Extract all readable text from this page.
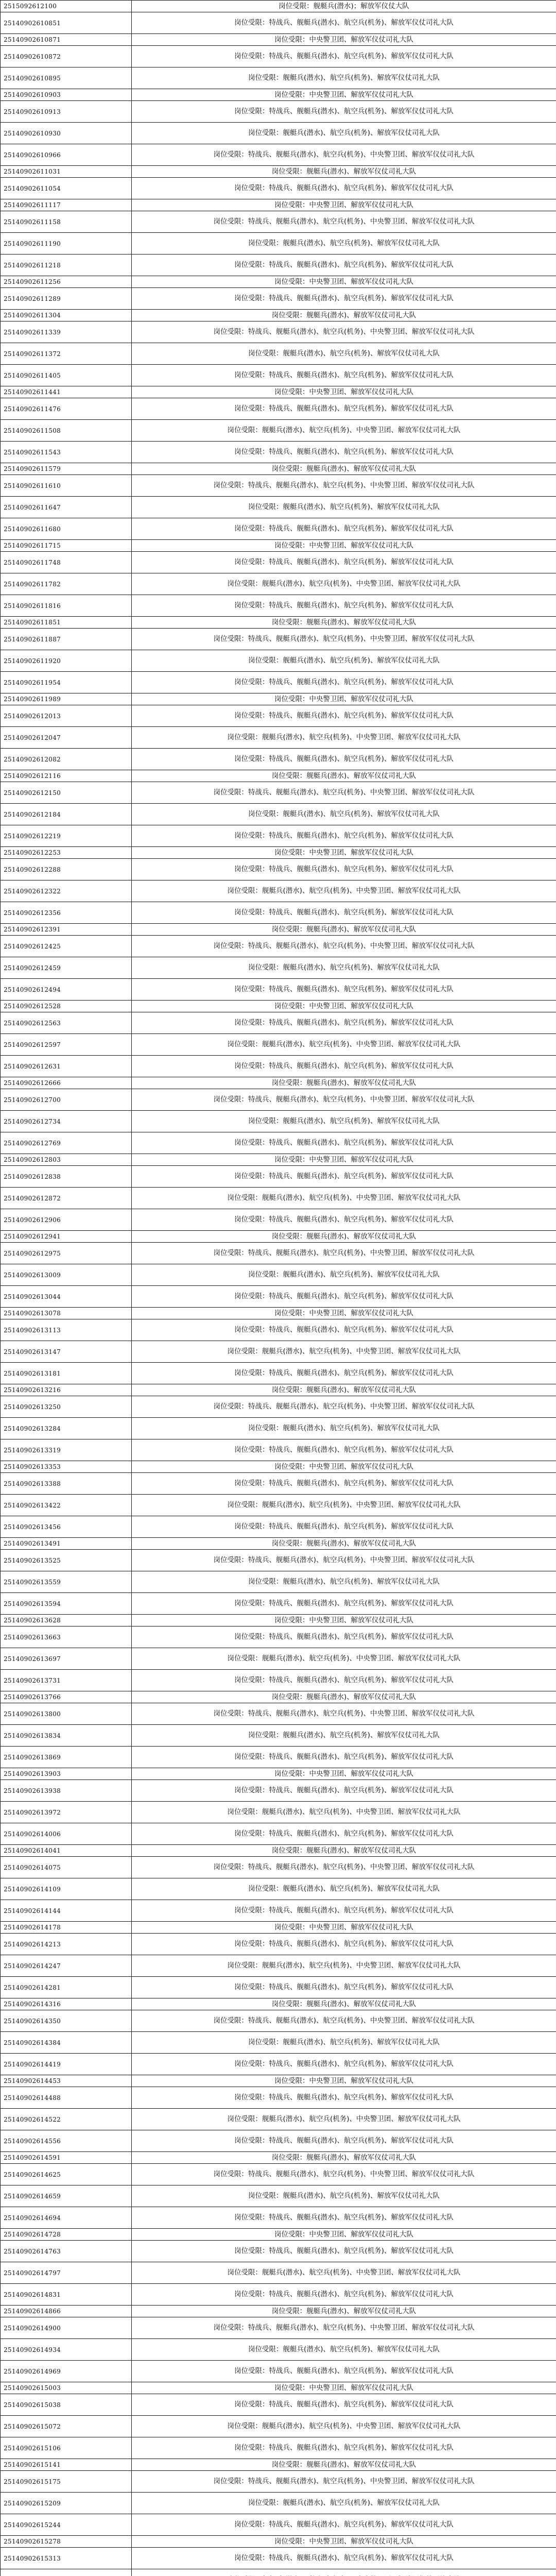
2515092612100	岗位受限：舰艇兵(潜水)；解放军仪仗大队
25140902610851	岗位受限：特战兵、舰艇兵(潜水)、航空兵(机务)、解放军仪仗司礼大队
25140902610871	岗位受限：中央警卫团、解放军仪仗司礼大队
25140902610872	岗位受限：特战兵、舰艇兵(潜水)、航空兵(机务)、解放军仪仗司礼大队
25140902610895	岗位受限：舰艇兵(潜水)、航空兵(机务)、解放军仪仗司礼大队
25140902610903	岗位受限：中央警卫团、解放军仪仗司礼大队
25140902610913	岗位受限：特战兵、舰艇兵(潜水)、航空兵(机务)、解放军仪仗司礼大队
25140902610930	岗位受限：舰艇兵(潜水)、航空兵(机务)、解放军仪仗司礼大队
25140902610966	岗位受限：特战兵、舰艇兵(潜水)、航空兵(机务)、中央警卫团、解放军仪仗司礼大队
25140902611031	岗位受限：舰艇兵(潜水)、解放军仪仗司礼大队
25140902611054	岗位受限：特战兵、舰艇兵(潜水)、航空兵(机务)、解放军仪仗司礼大队
25140902611117	岗位受限：中央警卫团、解放军仪仗司礼大队
25140902611158	岗位受限：特战兵、舰艇兵(潜水)、航空兵(机务)、中央警卫团、解放军仪仗司礼大队
25140902611190	岗位受限：舰艇兵(潜水)、航空兵(机务)、解放军仪仗司礼大队
25140902611218	岗位受限：特战兵、舰艇兵(潜水)、航空兵(机务)、解放军仪仗司礼大队
25140902611256	岗位受限：中央警卫团、解放军仪仗司礼大队
25140902611289	岗位受限：特战兵、舰艇兵(潜水)、航空兵(机务)、解放军仪仗司礼大队
25140902611304	岗位受限：舰艇兵(潜水)、解放军仪仗司礼大队
25140902611339	岗位受限：特战兵、舰艇兵(潜水)、航空兵(机务)、中央警卫团、解放军仪仗司礼大队
25140902611372	岗位受限：舰艇兵(潜水)、航空兵(机务)、解放军仪仗司礼大队
25140902611405	岗位受限：特战兵、舰艇兵(潜水)、航空兵(机务)、解放军仪仗司礼大队
25140902611441	岗位受限：中央警卫团、解放军仪仗司礼大队
25140902611476	岗位受限：特战兵、舰艇兵(潜水)、航空兵(机务)、解放军仪仗司礼大队
25140902611508	岗位受限：舰艇兵(潜水)、航空兵(机务)、中央警卫团、解放军仪仗司礼大队
25140902611543	岗位受限：特战兵、舰艇兵(潜水)、航空兵(机务)、解放军仪仗司礼大队
25140902611579	岗位受限：舰艇兵(潜水)、解放军仪仗司礼大队
25140902611610	岗位受限：特战兵、舰艇兵(潜水)、航空兵(机务)、中央警卫团、解放军仪仗司礼大队
25140902611647	岗位受限：舰艇兵(潜水)、航空兵(机务)、解放军仪仗司礼大队
25140902611680	岗位受限：特战兵、舰艇兵(潜水)、航空兵(机务)、解放军仪仗司礼大队
25140902611715	岗位受限：中央警卫团、解放军仪仗司礼大队
25140902611748	岗位受限：特战兵、舰艇兵(潜水)、航空兵(机务)、解放军仪仗司礼大队
25140902611782	岗位受限：舰艇兵(潜水)、航空兵(机务)、中央警卫团、解放军仪仗司礼大队
25140902611816	岗位受限：特战兵、舰艇兵(潜水)、航空兵(机务)、解放军仪仗司礼大队
25140902611851	岗位受限：舰艇兵(潜水)、解放军仪仗司礼大队
25140902611887	岗位受限：特战兵、舰艇兵(潜水)、航空兵(机务)、中央警卫团、解放军仪仗司礼大队
25140902611920	岗位受限：舰艇兵(潜水)、航空兵(机务)、解放军仪仗司礼大队
25140902611954	岗位受限：特战兵、舰艇兵(潜水)、航空兵(机务)、解放军仪仗司礼大队
25140902611989	岗位受限：中央警卫团、解放军仪仗司礼大队
25140902612013	岗位受限：特战兵、舰艇兵(潜水)、航空兵(机务)、解放军仪仗司礼大队
25140902612047	岗位受限：舰艇兵(潜水)、航空兵(机务)、中央警卫团、解放军仪仗司礼大队
25140902612082	岗位受限：特战兵、舰艇兵(潜水)、航空兵(机务)、解放军仪仗司礼大队
25140902612116	岗位受限：舰艇兵(潜水)、解放军仪仗司礼大队
25140902612150	岗位受限：特战兵、舰艇兵(潜水)、航空兵(机务)、中央警卫团、解放军仪仗司礼大队
25140902612184	岗位受限：舰艇兵(潜水)、航空兵(机务)、解放军仪仗司礼大队
25140902612219	岗位受限：特战兵、舰艇兵(潜水)、航空兵(机务)、解放军仪仗司礼大队
25140902612253	岗位受限：中央警卫团、解放军仪仗司礼大队
25140902612288	岗位受限：特战兵、舰艇兵(潜水)、航空兵(机务)、解放军仪仗司礼大队
25140902612322	岗位受限：舰艇兵(潜水)、航空兵(机务)、中央警卫团、解放军仪仗司礼大队
25140902612356	岗位受限：特战兵、舰艇兵(潜水)、航空兵(机务)、解放军仪仗司礼大队
25140902612391	岗位受限：舰艇兵(潜水)、解放军仪仗司礼大队
25140902612425	岗位受限：特战兵、舰艇兵(潜水)、航空兵(机务)、中央警卫团、解放军仪仗司礼大队
25140902612459	岗位受限：舰艇兵(潜水)、航空兵(机务)、解放军仪仗司礼大队
25140902612494	岗位受限：特战兵、舰艇兵(潜水)、航空兵(机务)、解放军仪仗司礼大队
25140902612528	岗位受限：中央警卫团、解放军仪仗司礼大队
25140902612563	岗位受限：特战兵、舰艇兵(潜水)、航空兵(机务)、解放军仪仗司礼大队
25140902612597	岗位受限：舰艇兵(潜水)、航空兵(机务)、中央警卫团、解放军仪仗司礼大队
25140902612631	岗位受限：特战兵、舰艇兵(潜水)、航空兵(机务)、解放军仪仗司礼大队
25140902612666	岗位受限：舰艇兵(潜水)、解放军仪仗司礼大队
25140902612700	岗位受限：特战兵、舰艇兵(潜水)、航空兵(机务)、中央警卫团、解放军仪仗司礼大队
25140902612734	岗位受限：舰艇兵(潜水)、航空兵(机务)、解放军仪仗司礼大队
25140902612769	岗位受限：特战兵、舰艇兵(潜水)、航空兵(机务)、解放军仪仗司礼大队
25140902612803	岗位受限：中央警卫团、解放军仪仗司礼大队
25140902612838	岗位受限：特战兵、舰艇兵(潜水)、航空兵(机务)、解放军仪仗司礼大队
25140902612872	岗位受限：舰艇兵(潜水)、航空兵(机务)、中央警卫团、解放军仪仗司礼大队
25140902612906	岗位受限：特战兵、舰艇兵(潜水)、航空兵(机务)、解放军仪仗司礼大队
25140902612941	岗位受限：舰艇兵(潜水)、解放军仪仗司礼大队
25140902612975	岗位受限：特战兵、舰艇兵(潜水)、航空兵(机务)、中央警卫团、解放军仪仗司礼大队
25140902613009	岗位受限：舰艇兵(潜水)、航空兵(机务)、解放军仪仗司礼大队
25140902613044	岗位受限：特战兵、舰艇兵(潜水)、航空兵(机务)、解放军仪仗司礼大队
25140902613078	岗位受限：中央警卫团、解放军仪仗司礼大队
25140902613113	岗位受限：特战兵、舰艇兵(潜水)、航空兵(机务)、解放军仪仗司礼大队
25140902613147	岗位受限：舰艇兵(潜水)、航空兵(机务)、中央警卫团、解放军仪仗司礼大队
25140902613181	岗位受限：特战兵、舰艇兵(潜水)、航空兵(机务)、解放军仪仗司礼大队
25140902613216	岗位受限：舰艇兵(潜水)、解放军仪仗司礼大队
25140902613250	岗位受限：特战兵、舰艇兵(潜水)、航空兵(机务)、中央警卫团、解放军仪仗司礼大队
25140902613284	岗位受限：舰艇兵(潜水)、航空兵(机务)、解放军仪仗司礼大队
25140902613319	岗位受限：特战兵、舰艇兵(潜水)、航空兵(机务)、解放军仪仗司礼大队
25140902613353	岗位受限：中央警卫团、解放军仪仗司礼大队
25140902613388	岗位受限：特战兵、舰艇兵(潜水)、航空兵(机务)、解放军仪仗司礼大队
25140902613422	岗位受限：舰艇兵(潜水)、航空兵(机务)、中央警卫团、解放军仪仗司礼大队
25140902613456	岗位受限：特战兵、舰艇兵(潜水)、航空兵(机务)、解放军仪仗司礼大队
25140902613491	岗位受限：舰艇兵(潜水)、解放军仪仗司礼大队
25140902613525	岗位受限：特战兵、舰艇兵(潜水)、航空兵(机务)、中央警卫团、解放军仪仗司礼大队
25140902613559	岗位受限：舰艇兵(潜水)、航空兵(机务)、解放军仪仗司礼大队
25140902613594	岗位受限：特战兵、舰艇兵(潜水)、航空兵(机务)、解放军仪仗司礼大队
25140902613628	岗位受限：中央警卫团、解放军仪仗司礼大队
25140902613663	岗位受限：特战兵、舰艇兵(潜水)、航空兵(机务)、解放军仪仗司礼大队
25140902613697	岗位受限：舰艇兵(潜水)、航空兵(机务)、中央警卫团、解放军仪仗司礼大队
25140902613731	岗位受限：特战兵、舰艇兵(潜水)、航空兵(机务)、解放军仪仗司礼大队
25140902613766	岗位受限：舰艇兵(潜水)、解放军仪仗司礼大队
25140902613800	岗位受限：特战兵、舰艇兵(潜水)、航空兵(机务)、中央警卫团、解放军仪仗司礼大队
25140902613834	岗位受限：舰艇兵(潜水)、航空兵(机务)、解放军仪仗司礼大队
25140902613869	岗位受限：特战兵、舰艇兵(潜水)、航空兵(机务)、解放军仪仗司礼大队
25140902613903	岗位受限：中央警卫团、解放军仪仗司礼大队
25140902613938	岗位受限：特战兵、舰艇兵(潜水)、航空兵(机务)、解放军仪仗司礼大队
25140902613972	岗位受限：舰艇兵(潜水)、航空兵(机务)、中央警卫团、解放军仪仗司礼大队
25140902614006	岗位受限：特战兵、舰艇兵(潜水)、航空兵(机务)、解放军仪仗司礼大队
25140902614041	岗位受限：舰艇兵(潜水)、解放军仪仗司礼大队
25140902614075	岗位受限：特战兵、舰艇兵(潜水)、航空兵(机务)、中央警卫团、解放军仪仗司礼大队
25140902614109	岗位受限：舰艇兵(潜水)、航空兵(机务)、解放军仪仗司礼大队
25140902614144	岗位受限：特战兵、舰艇兵(潜水)、航空兵(机务)、解放军仪仗司礼大队
25140902614178	岗位受限：中央警卫团、解放军仪仗司礼大队
25140902614213	岗位受限：特战兵、舰艇兵(潜水)、航空兵(机务)、解放军仪仗司礼大队
25140902614247	岗位受限：舰艇兵(潜水)、航空兵(机务)、中央警卫团、解放军仪仗司礼大队
25140902614281	岗位受限：特战兵、舰艇兵(潜水)、航空兵(机务)、解放军仪仗司礼大队
25140902614316	岗位受限：舰艇兵(潜水)、解放军仪仗司礼大队
25140902614350	岗位受限：特战兵、舰艇兵(潜水)、航空兵(机务)、中央警卫团、解放军仪仗司礼大队
25140902614384	岗位受限：舰艇兵(潜水)、航空兵(机务)、解放军仪仗司礼大队
25140902614419	岗位受限：特战兵、舰艇兵(潜水)、航空兵(机务)、解放军仪仗司礼大队
25140902614453	岗位受限：中央警卫团、解放军仪仗司礼大队
25140902614488	岗位受限：特战兵、舰艇兵(潜水)、航空兵(机务)、解放军仪仗司礼大队
25140902614522	岗位受限：舰艇兵(潜水)、航空兵(机务)、中央警卫团、解放军仪仗司礼大队
25140902614556	岗位受限：特战兵、舰艇兵(潜水)、航空兵(机务)、解放军仪仗司礼大队
25140902614591	岗位受限：舰艇兵(潜水)、解放军仪仗司礼大队
25140902614625	岗位受限：特战兵、舰艇兵(潜水)、航空兵(机务)、中央警卫团、解放军仪仗司礼大队
25140902614659	岗位受限：舰艇兵(潜水)、航空兵(机务)、解放军仪仗司礼大队
25140902614694	岗位受限：特战兵、舰艇兵(潜水)、航空兵(机务)、解放军仪仗司礼大队
25140902614728	岗位受限：中央警卫团、解放军仪仗司礼大队
25140902614763	岗位受限：特战兵、舰艇兵(潜水)、航空兵(机务)、解放军仪仗司礼大队
25140902614797	岗位受限：舰艇兵(潜水)、航空兵(机务)、中央警卫团、解放军仪仗司礼大队
25140902614831	岗位受限：特战兵、舰艇兵(潜水)、航空兵(机务)、解放军仪仗司礼大队
25140902614866	岗位受限：舰艇兵(潜水)、解放军仪仗司礼大队
25140902614900	岗位受限：特战兵、舰艇兵(潜水)、航空兵(机务)、中央警卫团、解放军仪仗司礼大队
25140902614934	岗位受限：舰艇兵(潜水)、航空兵(机务)、解放军仪仗司礼大队
25140902614969	岗位受限：特战兵、舰艇兵(潜水)、航空兵(机务)、解放军仪仗司礼大队
25140902615003	岗位受限：中央警卫团、解放军仪仗司礼大队
25140902615038	岗位受限：特战兵、舰艇兵(潜水)、航空兵(机务)、解放军仪仗司礼大队
25140902615072	岗位受限：舰艇兵(潜水)、航空兵(机务)、中央警卫团、解放军仪仗司礼大队
25140902615106	岗位受限：特战兵、舰艇兵(潜水)、航空兵(机务)、解放军仪仗司礼大队
25140902615141	岗位受限：舰艇兵(潜水)、解放军仪仗司礼大队
25140902615175	岗位受限：特战兵、舰艇兵(潜水)、航空兵(机务)、中央警卫团、解放军仪仗司礼大队
25140902615209	岗位受限：舰艇兵(潜水)、航空兵(机务)、解放军仪仗司礼大队
25140902615244	岗位受限：特战兵、舰艇兵(潜水)、航空兵(机务)、解放军仪仗司礼大队
25140902615278	岗位受限：中央警卫团、解放军仪仗司礼大队
25140902615313	岗位受限：特战兵、舰艇兵(潜水)、航空兵(机务)、解放军仪仗司礼大队
